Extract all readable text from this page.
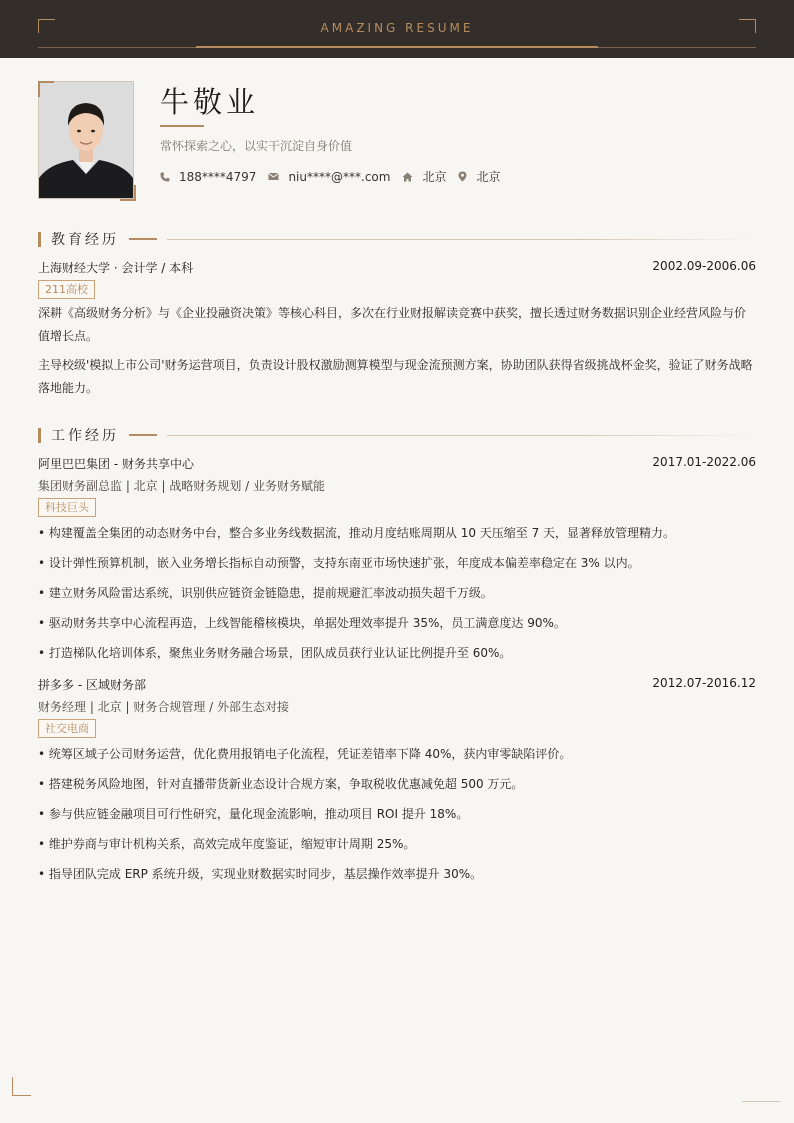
AMAZING RESUME
牛敬业
常怀探索之心，以实干沉淀自身价值
188****4797	niu****@***.com	北京	北京
教育经历
上海财经大学 · 会计学 / 本科	2002.09-2006.06
211高校

深耕《高级财务分析》与《企业投融资决策》等核心科目，多次在行业财报解读竞赛中获奖，擅长透过财务数据识别企业经营风险与价值增长点。

主导校级'模拟上市公司'财务运营项目，负责设计股权激励测算模型与现金流预测方案，协助团队获得省级挑战杯金奖，验证了财务战略落地能力。

工作经历
阿里巴巴集团 - 财务共享中心	2017.01-2022.06
集团财务副总监 | 北京 | 战略财务规划 / 业务财务赋能
科技巨头
• 构建覆盖全集团的动态财务中台，整合多业务线数据流，推动月度结账周期从 10 天压缩至 7 天，显著释放管理精力。
• 设计弹性预算机制，嵌入业务增长指标自动预警，支持东南亚市场快速扩张，年度成本偏差率稳定在 3% 以内。
• 建立财务风险雷达系统，识别供应链资金链隐患，提前规避汇率波动损失超千万级。
• 驱动财务共享中心流程再造，上线智能稽核模块，单据处理效率提升 35%，员工满意度达 90%。
• 打造梯队化培训体系，聚焦业务财务融合场景，团队成员获行业认证比例提升至 60%。
拼多多 - 区域财务部	2012.07-2016.12
财务经理 | 北京 | 财务合规管理 / 外部生态对接
社交电商
• 统筹区域子公司财务运营，优化费用报销电子化流程，凭证差错率下降 40%，获内审零缺陷评价。
• 搭建税务风险地图，针对直播带货新业态设计合规方案，争取税收优惠减免超 500 万元。
• 参与供应链金融项目可行性研究，量化现金流影响，推动项目 ROI 提升 18%。
• 维护券商与审计机构关系，高效完成年度鉴证，缩短审计周期 25%。
• 指导团队完成 ERP 系统升级，实现业财数据实时同步，基层操作效率提升 30%。
